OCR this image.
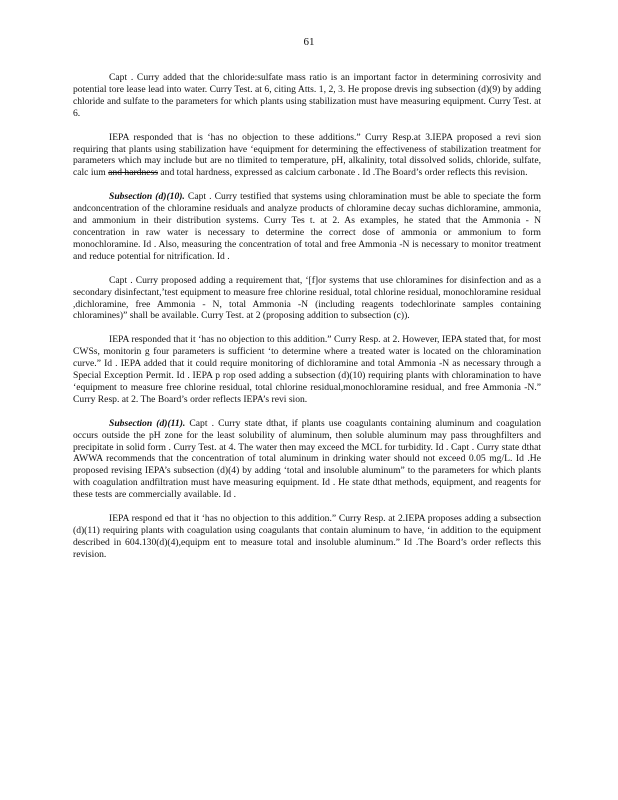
61

Capt . Curry added that the chloride:sulfate mass ratio is an important factor in determining corrosivity and potential tore lease lead into water. Curry Test. at 6, citing Atts. 1, 2, 3. He propose drevis ing subsection (d)(9) by adding chloride and sulfate to the parameters for which plants using stabilization must have measuring equipment. Curry Test. at 6.

IEPA responded that is ‘has no objection to these additions.” Curry Resp.at 3.IEPA proposed a revi sion requiring that plants using stabilization have ‘equipment for determining the effectiveness of stabilization treatment for parameters which may include but are no tlimited to temperature, pH, alkalinity, total dissolved solids, chloride, sulfate, calc ium and hardness and total hardness, expressed as calcium carbonate . Id .The Board’s order reflects this revision.

Subsection (d)(10). Capt . Curry testified that systems using chloramination must be able to speciate the form andconcentration of the chloramine residuals and analyze products of chloramine decay suchas dichloramine, ammonia, and ammonium in their distribution systems. Curry Tes t. at 2. As examples, he stated that the Ammonia - N concentration in raw water is necessary to determine the correct dose of ammonia or ammonium to form monochloramine. Id . Also, measuring the concentration of total and free Ammonia -N is necessary to monitor treatment and reduce potential for nitrification. Id .

Capt . Curry proposed adding a requirement that, ‘[f]or systems that use chloramines for disinfection and as a secondary disinfectant,’test equipment to measure free chlorine residual, total chlorine residual, monochloramine residual ,dichloramine, free Ammonia - N, total Ammonia -N (including reagents todechlorinate samples containing chloramines)” shall be available. Curry Test. at 2 (proposing addition to subsection (c)).

IEPA responded that it ‘has no objection to this addition.” Curry Resp. at 2. However, IEPA stated that, for most CWSs, monitorin g four parameters is sufficient ‘to determine where a treated water is located on the chloramination curve.” Id . IEPA added that it could require monitoring of dichloramine and total Ammonia -N as necessary through a Special Exception Permit. Id . IEPA p rop osed adding a subsection (d)(10) requiring plants with chloramination to have ‘equipment to measure free chlorine residual, total chlorine residual,monochloramine residual, and free Ammonia -N.” Curry Resp. at 2. The Board’s order reflects IEPA’s revi sion.

Subsection (d)(11). Capt . Curry state dthat, if plants use coagulants containing aluminum and coagulation occurs outside the pH zone for the least solubility of aluminum, then soluble aluminum may pass throughfilters and precipitate in solid form . Curry Test. at 4. The water then may exceed the MCL for turbidity. Id . Capt . Curry state dthat AWWA recommends that the concentration of total aluminum in drinking water should not exceed 0.05 mg/L. Id .He proposed revising IEPA’s subsection (d)(4) by adding ‘total and insoluble aluminum” to the parameters for which plants with coagulation andfiltration must have measuring equipment. Id . He state dthat methods, equipment, and reagents for these tests are commercially available. Id .

IEPA respond ed that it ‘has no objection to this addition.” Curry Resp. at 2.IEPA proposes adding a subsection (d)(11) requiring plants with coagulation using coagulants that contain aluminum to have, ‘in addition to the equipment described in 604.130(d)(4),equipm ent to measure total and insoluble aluminum.” Id .The Board’s order reflects this revision.
